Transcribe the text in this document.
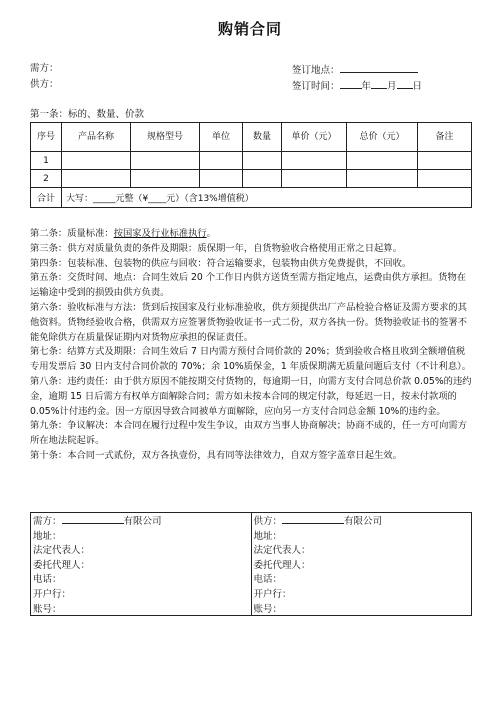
购销合同
需方：
供方：
签订地点：
签订时间： 年 月 日
第一条：标的、数量、价款
序号	产品名称	规格型号	单位	数量	单价（元）	总价（元）	备注
1							
2							
合计	大写：_____元整（¥____元）（含13%增值税）						

第二条：质量标准：按国家及行业标准执行。

第三条：供方对质量负责的条件及期限：质保期一年，自货物验收合格使用正常之日起算。

第四条：包装标准、包装物的供应与回收：符合运输要求，包装物由供方免费提供，不回收。

第五条：交货时间、地点：合同生效后 20 个工作日内供方送货至需方指定地点，运费由供方承担。货物在运输途中受到的损毁由供方负责。

第六条：验收标准与方法：货到后按国家及行业标准验收，供方须提供出厂产品检验合格证及需方要求的其他资料。货物经验收合格，供需双方应签署货物验收证书一式二份，双方各执一份。货物验收证书的签署不能免除供方在质量保证期内对货物应承担的保证责任。

第七条：结算方式及期限：合同生效后 7 日内需方预付合同价款的 20%；货到验收合格且收到全额增值税专用发票后 30 日内支付合同价款的 70%；余 10%质保金，1 年质保期满无质量问题后支付（不计利息）。

第八条：违约责任：由于供方原因不能按期交付货物的，每逾期一日，向需方支付合同总价款 0.05%的违约金，逾期 15 日后需方有权单方面解除合同；需方如未按本合同的规定付款，每延迟一日，按未付款项的 0.05%计付违约金。因一方原因导致合同被单方面解除，应向另一方支付合同总金额 10%的违约金。

第九条：争议解决：本合同在履行过程中发生争议，由双方当事人协商解决；协商不成的，任一方可向需方所在地法院起诉。

第十条：本合同一式贰份，双方各执壹份，具有同等法律效力，自双方签字盖章日起生效。

需方：	有限公司
地址：
法定代表人：
委托代理人：
电话：
开户行：
账号：
供方：	有限公司
地址：
法定代表人：
委托代理人：
电话：
开户行：
账号：
